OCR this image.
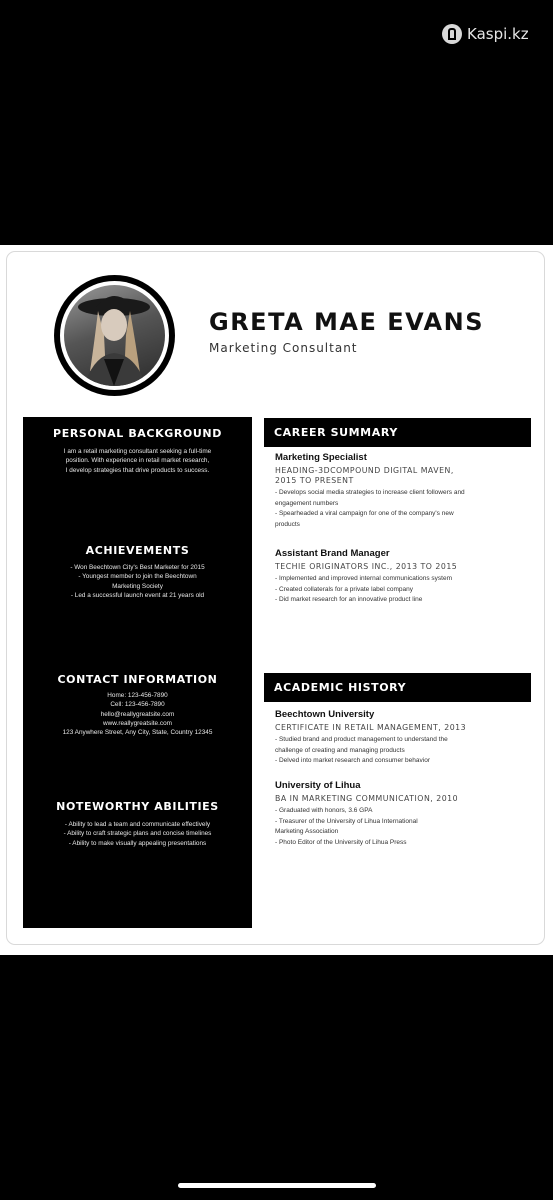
Kaspi.kz
GRETA MAE EVANS
Marketing Consultant
PERSONAL BACKGROUND
I am a retail marketing consultant seeking a full-time
position. With experience in retail market research,
I develop strategies that drive products to success.
ACHIEVEMENTS
- Won Beechtown City's Best Marketer for 2015
- Youngest member to join the Beechtown
Marketing Society
- Led a successful launch event at 21 years old
CONTACT INFORMATION
Home: 123-456-7890
Cell: 123-456-7890
hello@reallygreatsite.com
www.reallygreatsite.com
123 Anywhere Street, Any City, State, Country 12345
NOTEWORTHY ABILITIES
- Ability to lead a team and communicate effectively
- Ability to craft strategic plans and concise timelines
- Ability to make visually appealing presentations
CAREER SUMMARY
Marketing Specialist
HEADING-3DCOMPOUND DIGITAL MAVEN,
2015 TO PRESENT
- Develops social media strategies to increase client followers and
engagement numbers
- Spearheaded a viral campaign for one of the company's new
products
Assistant Brand Manager
TECHIE ORIGINATORS INC., 2013 TO 2015
- Implemented and improved internal communications system
- Created collaterals for a private label company
- Did market research for an innovative product line
ACADEMIC HISTORY
Beechtown University
CERTIFICATE IN RETAIL MANAGEMENT, 2013
- Studied brand and product management to understand the
challenge of creating and managing products
- Delved into market research and consumer behavior
University of Lihua
BA IN MARKETING COMMUNICATION, 2010
- Graduated with honors, 3.6 GPA
- Treasurer of the University of Lihua International
Marketing Association
- Photo Editor of the University of Lihua Press
